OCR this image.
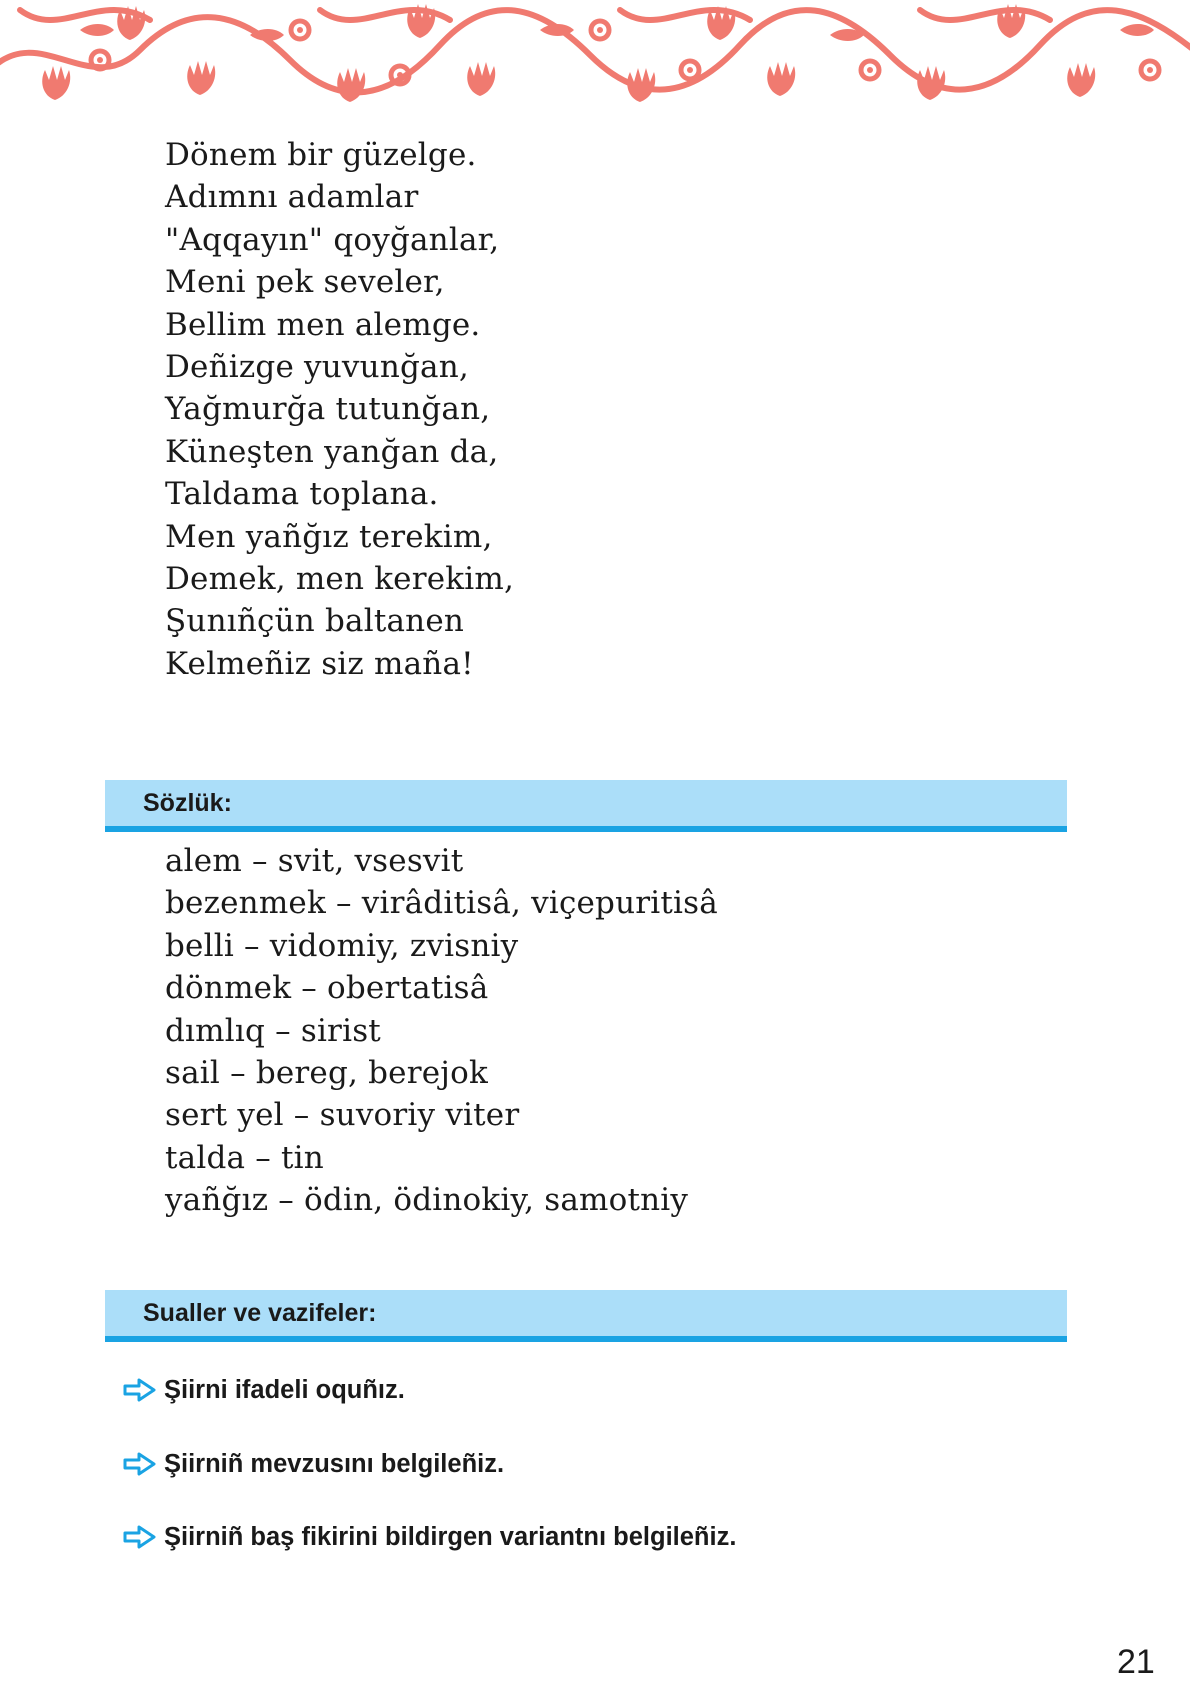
Dönem bir güzelge.
Adımnı adamlar
"Aqqayın" qoyğanlar,
Meni pek seveler,
Bellim men alemge.
Deñizge yuvunğan,
Yağmurğa tutunğan,
Küneşten yanğan da,
Taldama toplana.
Men yañğız terekim,
Demek, men kerekim,
Şunıñçün baltanen
Kelmeñiz siz maña!
Sözlük:
alem – svit, vsesvit
bezenmek – virâditisâ, viçepuritisâ
belli – vidomiy, zvisniy
dönmek – obertatisâ
dımlıq – sirist
sail – bereg, berejok
sert yel – suvoriy viter
talda – tin
yañğız – ödin, ödinokiy, samotniy
Sualler ve vazifeler:
Şiirni ifadeli oquñız.
Şiirniñ mevzusını belgileñiz.
Şiirniñ baş fikirini bildirgen variantnı belgileñiz.
21
